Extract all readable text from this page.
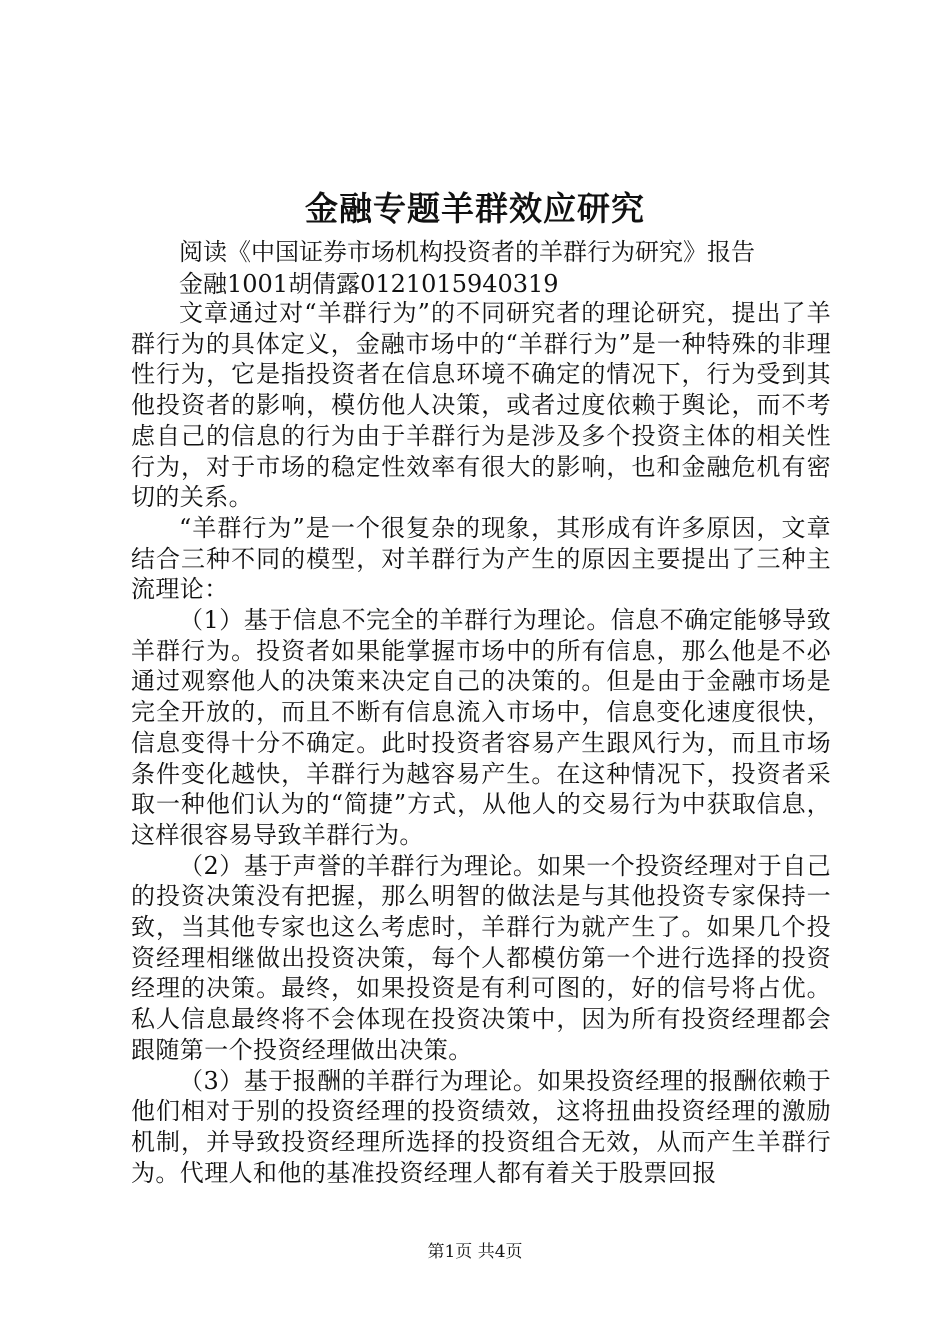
金融专题羊群效应研究

阅读《中国证券市场机构投资者的羊群行为研究》报告

金融1001胡倩露0121015940319

文章通过对“羊群行为”的不同研究者的理论研究，提出了羊群行为的具体定义，金融市场中的“羊群行为”是一种特殊的非理性行为，它是指投资者在信息环境不确定的情况下，行为受到其他投资者的影响，模仿他人决策，或者过度依赖于舆论，而不考虑自己的信息的行为由于羊群行为是涉及多个投资主体的相关性行为，对于市场的稳定性效率有很大的影响，也和金融危机有密切的关系。

“羊群行为”是一个很复杂的现象，其形成有许多原因，文章结合三种不同的模型，对羊群行为产生的原因主要提出了三种主流理论：

（1）基于信息不完全的羊群行为理论。信息不确定能够导致羊群行为。投资者如果能掌握市场中的所有信息，那么他是不必通过观察他人的决策来决定自己的决策的。但是由于金融市场是完全开放的，而且不断有信息流入市场中，信息变化速度很快，信息变得十分不确定。此时投资者容易产生跟风行为，而且市场条件变化越快，羊群行为越容易产生。在这种情况下，投资者采取一种他们认为的“简捷”方式，从他人的交易行为中获取信息，这样很容易导致羊群行为。

（2）基于声誉的羊群行为理论。如果一个投资经理对于自己的投资决策没有把握，那么明智的做法是与其他投资专家保持一致，当其他专家也这么考虑时，羊群行为就产生了。如果几个投资经理相继做出投资决策，每个人都模仿第一个进行选择的投资经理的决策。最终，如果投资是有利可图的，好的信号将占优。私人信息最终将不会体现在投资决策中，因为所有投资经理都会跟随第一个投资经理做出决策。

（3）基于报酬的羊群行为理论。如果投资经理的报酬依赖于他们相对于别的投资经理的投资绩效，这将扭曲投资经理的激励机制，并导致投资经理所选择的投资组合无效，从而产生羊群行为。代理人和他的基准投资经理人都有着关于股票回报

第1页 共4页
